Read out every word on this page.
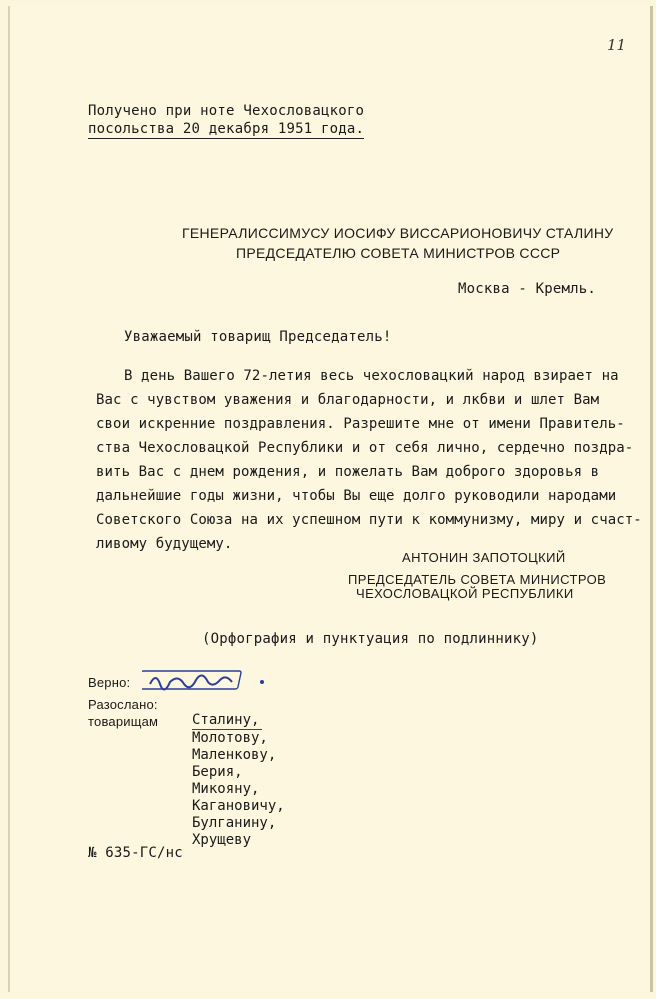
11
Получено при ноте Чехословацкого
посольства 20 декабря 1951 года.
ГЕНЕРАЛИССИМУСУ ИОСИФУ ВИССАРИОНОВИЧУ СТАЛИНУ
ПРЕДСЕДАТЕЛЮ СОВЕТА МИНИСТРОВ СССР
Москва - Кремль.
Уважаемый товарищ Председатель!
В день Вашего 72-летия весь чехословацкий народ взирает на
Вас с чувством уважения и благодарности, и лкбви и шлет Вам
свои искренние поздравления. Разрешите мне от имени Правитель-
ства Чехословацкой Республики и от себя лично, сердечно поздра-
вить Вас с днем рождения, и пожелать Вам доброго здоровья в
дальнейшие годы жизни, чтобы Вы еще долго руководили народами
Советского Союза на их успешном пути к коммунизму, миру и счаст-
ливому будущему.
АНТОНИН ЗАПОТОЦКИЙ
ПРЕДСЕДАТЕЛЬ СОВЕТА МИНИСТРОВ
ЧЕХОСЛОВАЦКОЙ РЕСПУБЛИКИ
(Орфография и пунктуация по подлиннику)
Верно:
Разослано:
товарищам Сталину,
Молотову,
Маленкову,
Берия,
Микояну,
Кагановичу,
Булганину,
Хрущеву
№ 635-ГС/нс
